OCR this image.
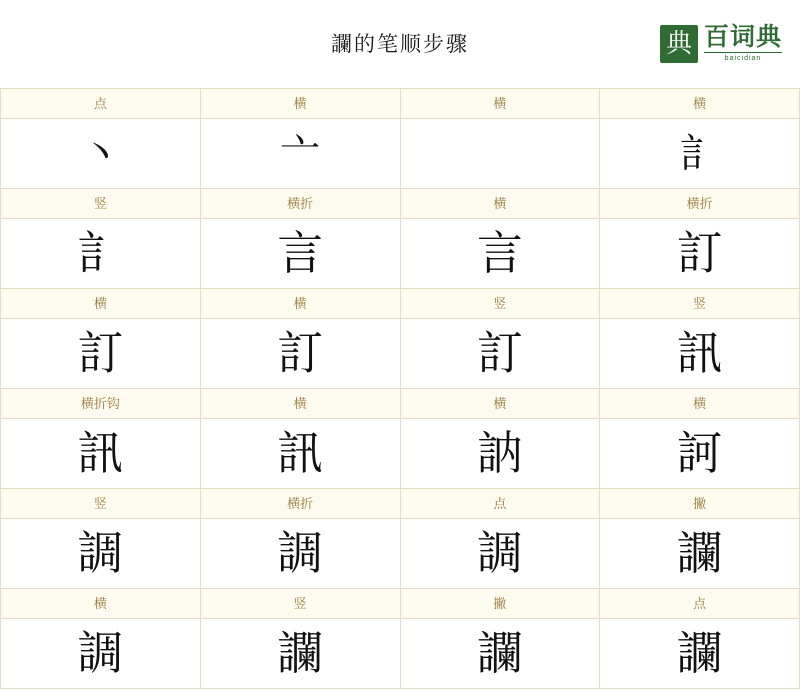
讕的笔顺步骤	典 百词典
baicidian
点	横	横	横
丶	亠	𠄠	訁
竖	横折	横	横折
訁	言	言	訂
横	横	竖	竖
訂	訂	訂	訊
横折钩	横	横	横
訊	訊	訥	訶
竖	横折	点	撇
調	調	調	讕
横	竖	撇	点
調	讕	讕	讕
